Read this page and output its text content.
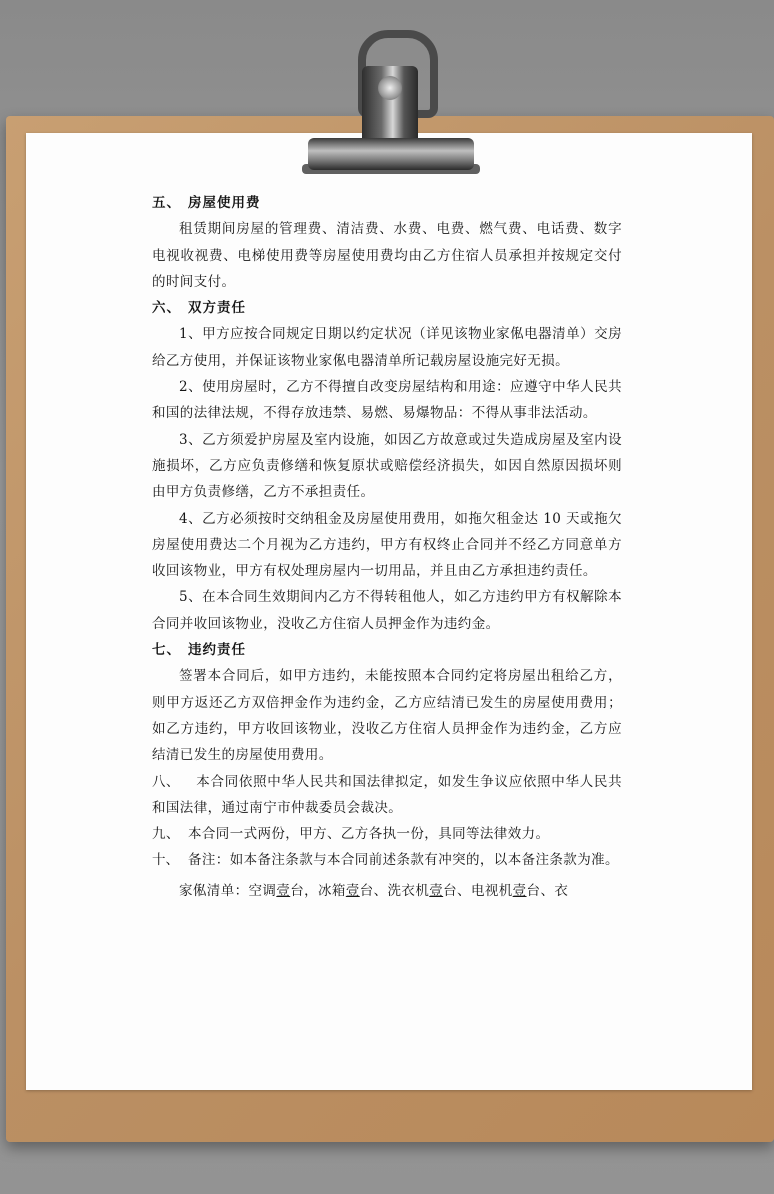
五、 房屋使用费
租赁期间房屋的管理费、清洁费、水费、电费、燃气费、电话费、数字电视收视费、电梯使用费等房屋使用费均由乙方住宿人员承担并按规定交付的时间支付。
六、 双方责任
1、甲方应按合同规定日期以约定状况（详见该物业家俬电器清单）交房给乙方使用，并保证该物业家俬电器清单所记载房屋设施完好无损。
2、使用房屋时，乙方不得擅自改变房屋结构和用途：应遵守中华人民共和国的法律法规，不得存放违禁、易燃、易爆物品：不得从事非法活动。
3、乙方须爱护房屋及室内设施，如因乙方故意或过失造成房屋及室内设施损坏，乙方应负责修缮和恢复原状或赔偿经济损失，如因自然原因损坏则由甲方负责修缮，乙方不承担责任。
4、乙方必须按时交纳租金及房屋使用费用，如拖欠租金达 10 天或拖欠房屋使用费达二个月视为乙方违约，甲方有权终止合同并不经乙方同意单方收回该物业，甲方有权处理房屋内一切用品，并且由乙方承担违约责任。
5、在本合同生效期间内乙方不得转租他人，如乙方违约甲方有权解除本合同并收回该物业，没收乙方住宿人员押金作为违约金。
七、 违约责任
签署本合同后，如甲方违约，未能按照本合同约定将房屋出租给乙方，则甲方返还乙方双倍押金作为违约金，乙方应结清已发生的房屋使用费用；如乙方违约，甲方收回该物业，没收乙方住宿人员押金作为违约金，乙方应结清已发生的房屋使用费用。
八、 本合同依照中华人民共和国法律拟定，如发生争议应依照中华人民共和国法律，通过南宁市仲裁委员会裁决。
九、 本合同一式两份，甲方、乙方各执一份，具同等法律效力。
十、 备注：如本备注条款与本合同前述条款有冲突的，以本备注条款为准。
家俬清单：空调壹台，冰箱壹台、洗衣机壹台、电视机壹台、衣
